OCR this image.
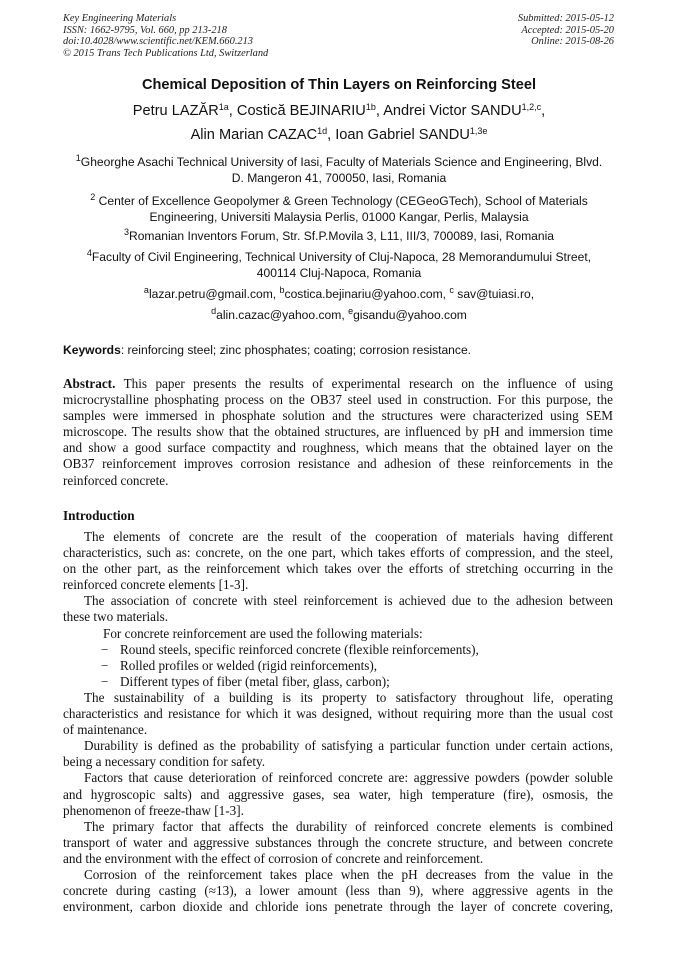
Key Engineering Materials
ISSN: 1662-9795, Vol. 660, pp 213-218
doi:10.4028/www.scientific.net/KEM.660.213
© 2015 Trans Tech Publications Ltd, Switzerland
Submitted: 2015-05-12
Accepted: 2015-05-20
Online: 2015-08-26
Chemical Deposition of Thin Layers on Reinforcing Steel
Petru $LAZĂR^{1a}$, Costică $BEJINARIU^{1b}$, Andrei Victor SANDU$^{1,2,c}$,
Alin Marian $CAZAC^{1d}$, Ioan Gabriel $SANDU^{1,3e}$
$^1$Gheorghe Asachi Technical University of Iasi, Faculty of Materials Science and Engineering, Blvd.
D. Mangeron 41, 700050, Iasi, Romania
$^2$ Center of Excellence Geopolymer & Green Technology (CEGeoGTech), School of Materials
Engineering, Universiti Malaysia Perlis, 01000 Kangar, Perlis, Malaysia
$^3$Romanian Inventors Forum, Str. Sf.P.Movila 3, L11, III/3, 700089, Iasi, Romania
$^4$Faculty of Civil Engineering, Technical University of Cluj-Napoca, 28 Memorandumului Street,
400114 Cluj-Napoca, Romania
$^a$lazar.petru@gmail.com, $^b$costica.bejinariu@yahoo.com, $^c$ sav@tuiasi.ro,
$^d$alin.cazac@yahoo.com, $^e$gisandu@yahoo.com
Keywords: reinforcing steel; zinc phosphates; coating; corrosion resistance.
Abstract. This paper presents the results of experimental research on the influence of using
microcrystalline phosphating process on the OB37 steel used in construction. For this purpose, the
samples were immersed in phosphate solution and the structures were characterized using SEM
microscope. The results show that the obtained structures, are influenced by pH and immersion time
and show a good surface compactity and roughness, which means that the obtained layer on the
OB37 reinforcement improves corrosion resistance and adhesion of these reinforcements in the
reinforced concrete.
Introduction
The elements of concrete are the result of the cooperation of materials having different
characteristics, such as: concrete, on the one part, which takes efforts of compression, and the steel,
on the other part, as the reinforcement which takes over the efforts of stretching occurring in the
reinforced concrete elements [1-3].
The association of concrete with steel reinforcement is achieved due to the adhesion between
these two materials.
For concrete reinforcement are used the following materials:
− Round steels, specific reinforced concrete (flexible reinforcements),
− Rolled profiles or welded (rigid reinforcements),
− Different types of fiber (metal fiber, glass, carbon);
The sustainability of a building is its property to satisfactory throughout life, operating
characteristics and resistance for which it was designed, without requiring more than the usual cost
of maintenance.
Durability is defined as the probability of satisfying a particular function under certain actions,
being a necessary condition for safety.
Factors that cause deterioration of reinforced concrete are: aggressive powders (powder soluble
and hygroscopic salts) and aggressive gases, sea water, high temperature (fire), osmosis, the
phenomenon of freeze-thaw [1-3].
The primary factor that affects the durability of reinforced concrete elements is combined
transport of water and aggressive substances through the concrete structure, and between concrete
and the environment with the effect of corrosion of concrete and reinforcement.
Corrosion of the reinforcement takes place when the pH decreases from the value in the
concrete during casting (≈13), a lower amount (less than 9), where aggressive agents in the
environment, carbon dioxide and chloride ions penetrate through the layer of concrete covering,
